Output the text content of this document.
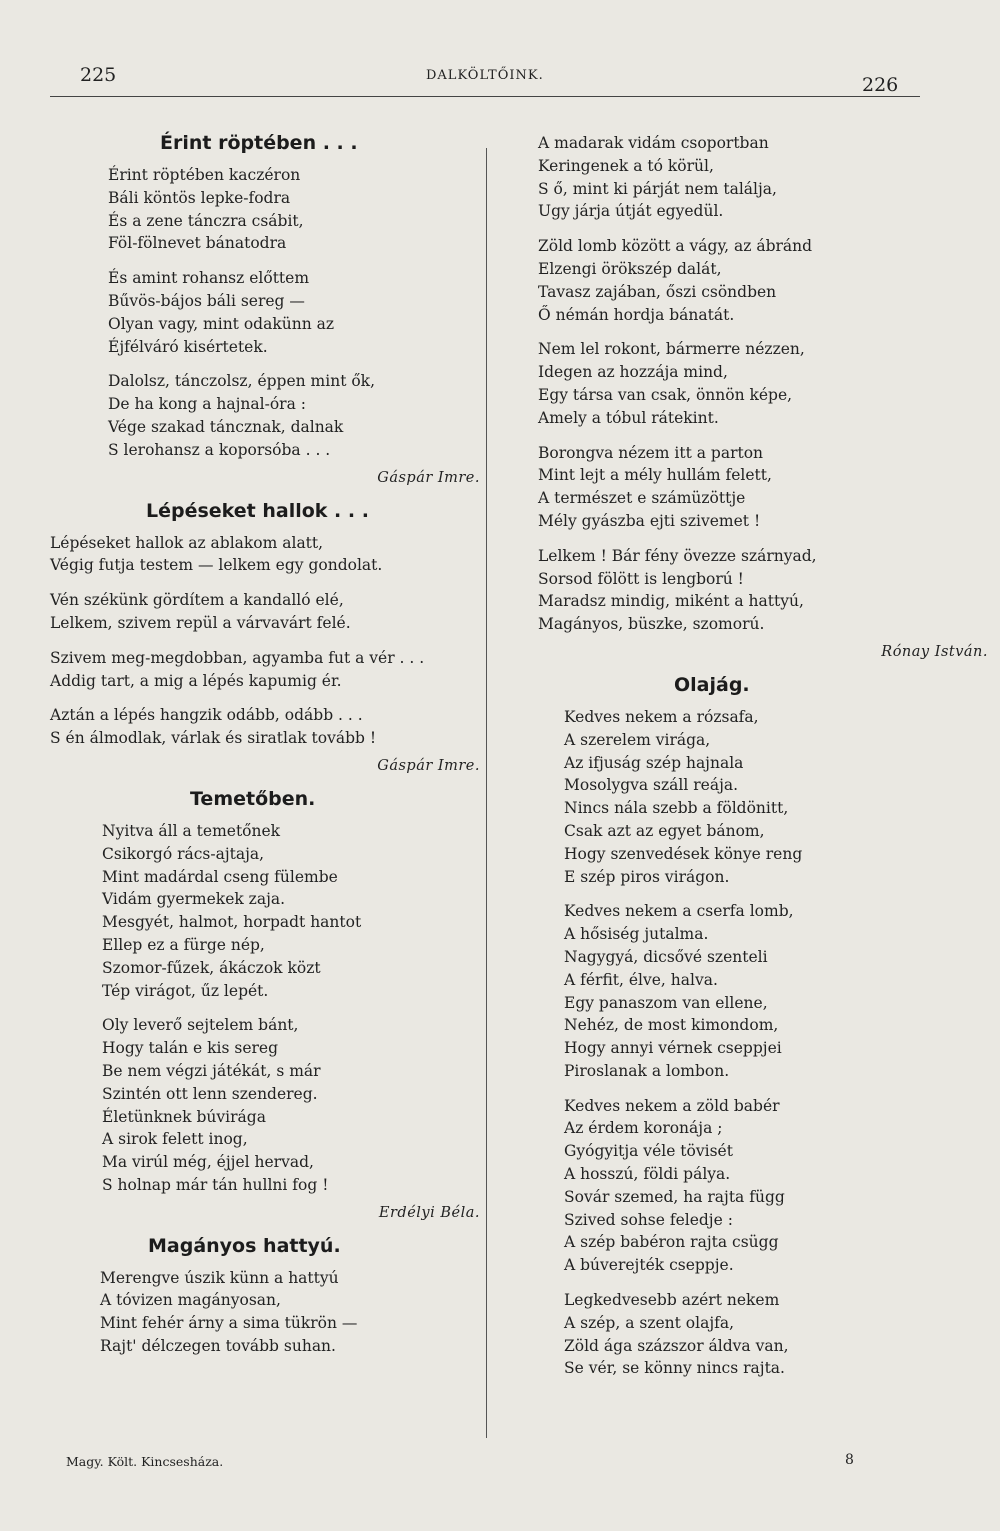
225	DALKÖLTŐINK.	226
Érint röptében . . .
Érint röptében kaczéron
Báli köntös lepke-fodra
És a zene tánczra csábit,
Föl-fölnevet bánatodra
És amint rohansz előttem
Bűvös-bájos báli sereg —
Olyan vagy, mint odakünn az
Éjfélváró kisértetek.
Dalolsz, tánczolsz, éppen mint ők,
De ha kong a hajnal-óra :
Vége szakad táncznak, dalnak
S lerohansz a koporsóba . . .
Gáspár Imre.
Lépéseket hallok . . .
Lépéseket hallok az ablakom alatt,
Végig futja testem — lelkem egy gondolat.
Vén székünk gördítem a kandalló elé,
Lelkem, szivem repül a várvavárt felé.
Szivem meg-megdobban, agyamba fut a vér . . .
Addig tart, a mig a lépés kapumig ér.
Aztán a lépés hangzik odább, odább . . .
S én álmodlak, várlak és siratlak tovább !
Gáspár Imre.
Temetőben.
Nyitva áll a temetőnek
Csikorgó rács-ajtaja,
Mint madárdal cseng fülembe
Vidám gyermekek zaja.
Mesgyét, halmot, horpadt hantot
Ellep ez a fürge nép,
Szomor-fűzek, ákáczok közt
Tép virágot, űz lepét.
Oly leverő sejtelem bánt,
Hogy talán e kis sereg
Be nem végzi játékát, s már
Szintén ott lenn szendereg.
Életünknek búvirága
A sirok felett inog,
Ma virúl még, éjjel hervad,
S holnap már tán hullni fog !
Erdélyi Béla.
Magányos hattyú.
Merengve úszik künn a hattyú
A tóvizen magányosan,
Mint fehér árny a sima tükrön —
Rajt' délczegen tovább suhan.
A madarak vidám csoportban
Keringenek a tó körül,
S ő, mint ki párját nem találja,
Ugy járja útját egyedül.
Zöld lomb között a vágy, az ábránd
Elzengi örökszép dalát,
Tavasz zajában, őszi csöndben
Ő némán hordja bánatát.
Nem lel rokont, bármerre nézzen,
Idegen az hozzája mind,
Egy társa van csak, önnön képe,
Amely a tóbul rátekint.
Borongva nézem itt a parton
Mint lejt a mély hullám felett,
A természet e számüzöttje
Mély gyászba ejti szivemet !
Lelkem ! Bár fény övezze szárnyad,
Sorsod fölött is lengború !
Maradsz mindig, miként a hattyú,
Magányos, büszke, szomorú.
Rónay István.
Olajág.
Kedves nekem a rózsafa,
A szerelem virága,
Az ifjuság szép hajnala
Mosolygva száll reája.
Nincs nála szebb a földönitt,
Csak azt az egyet bánom,
Hogy szenvedések könye reng
E szép piros virágon.
Kedves nekem a cserfa lomb,
A hősiség jutalma.
Nagygyá, dicsővé szenteli
A férfit, élve, halva.
Egy panaszom van ellene,
Nehéz, de most kimondom,
Hogy annyi vérnek cseppjei
Piroslanak a lombon.
Kedves nekem a zöld babér
Az érdem koronája ;
Gyógyitja véle tövisét
A hosszú, földi pálya.
Sovár szemed, ha rajta függ
Szived sohse feledje :
A szép babéron rajta csügg
A búverejték cseppje.
Legkedvesebb azért nekem
A szép, a szent olajfa,
Zöld ága százszor áldva van,
Se vér, se könny nincs rajta.
Magy. Költ. Kincsesháza.	8
